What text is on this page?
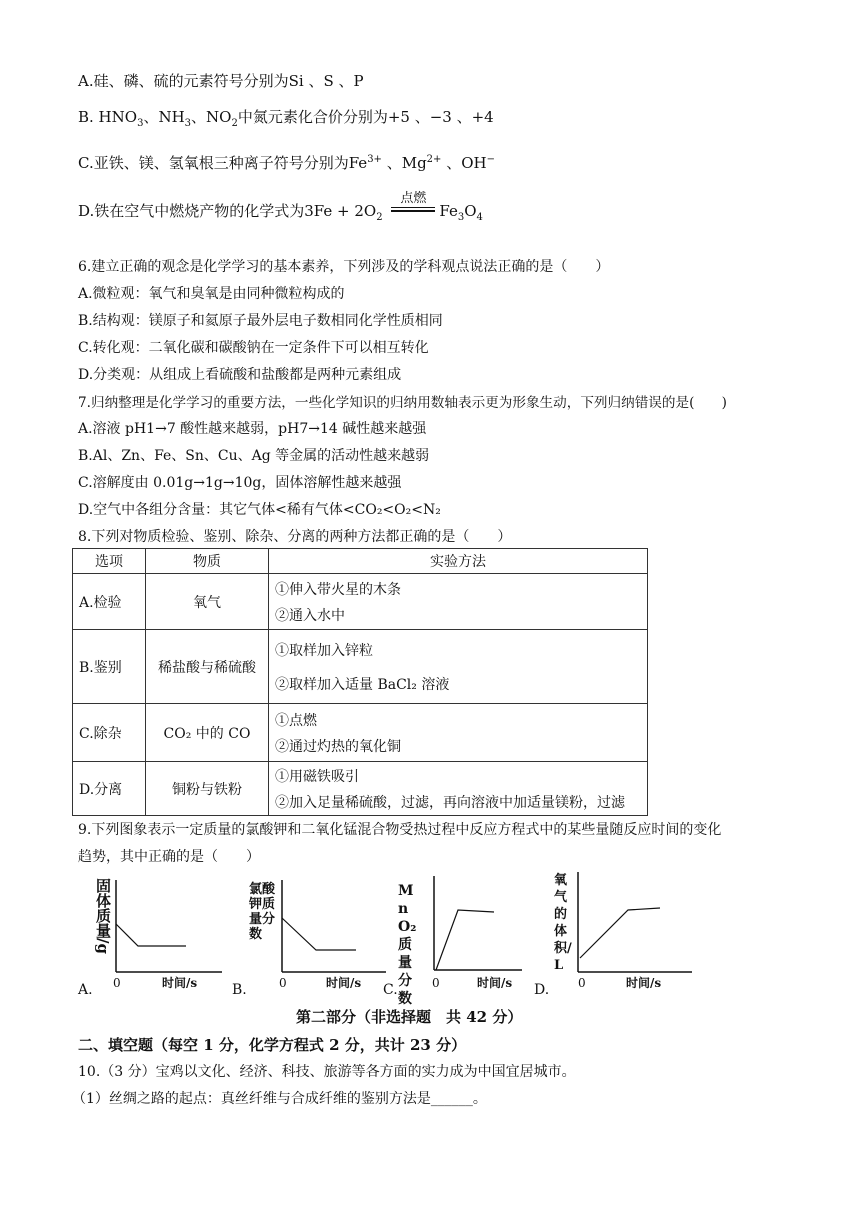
A.硅、磷、硫的元素符号分别为Si 、S 、P
B. $HNO_3$、$NH_3$、$NO_2$中氮元素化合价分别为+5 、−3 、+4
C.亚铁、镁、氢氧根三种离子符号分别为$Fe^{3+}$ 、$Mg^{2+}$ 、OH−
D.铁在空气中燃烧产物的化学式为$3Fe + 2O_2$
点燃
$Fe_3O_4$
6.建立正确的观念是化学学习的基本素养，下列涉及的学科观点说法正确的是（　　）
A.微粒观：氧气和臭氧是由同种微粒构成的
B.结构观：镁原子和氦原子最外层电子数相同化学性质相同
C.转化观：二氧化碳和碳酸钠在一定条件下可以相互转化
D.分类观：从组成上看硫酸和盐酸都是两种元素组成
7.归纳整理是化学学习的重要方法，一些化学知识的归纳用数轴表示更为形象生动，下列归纳错误的是(　　)
A.溶液 pH1→7 酸性越来越弱，pH7→14 碱性越来越强
B.Al、Zn、Fe、Sn、Cu、Ag 等金属的活动性越来越弱
C.溶解度由 0.01g→1g→10g，固体溶解性越来越强
D.空气中各组分含量：其它气体<稀有气体<CO₂<O₂<N₂
8.下列对物质检验、鉴别、除杂、分离的两种方法都正确的是（　　）
选项	物质	实验方法
A.检验	氧气	①伸入带火星的木条
②通入水中

B.鉴别	稀盐酸与稀硫酸	①取样加入锌粒
②取样加入适量 BaCl₂ 溶液

C.除杂	CO₂ 中的 CO	①点燃
②通过灼热的氧化铜

D.分离	铜粉与铁粉	①用磁铁吸引
②加入足量稀硫酸，过滤，再向溶液中加适量镁粉，过滤
9.下列图象表示一定质量的氯酸钾和二氧化锰混合物受热过程中反应方程式中的某些量随反应时间的变化
趋势，其中正确的是（　　）
A.
固体质量/g
0	时间/s B.
氯酸钾质量分数
0	时间/s C.
MnO₂质量分数
0	时间/s D.
氧气的体积/L
0	时间/s
第二部分（非选择题　共 42 分）
二、填空题（每空 1 分，化学方程式 2 分，共计 23 分）
10.（3 分）宝鸡以文化、经济、科技、旅游等各方面的实力成为中国宜居城市。
（1）丝绸之路的起点：真丝纤维与合成纤维的鉴别方法是______。
